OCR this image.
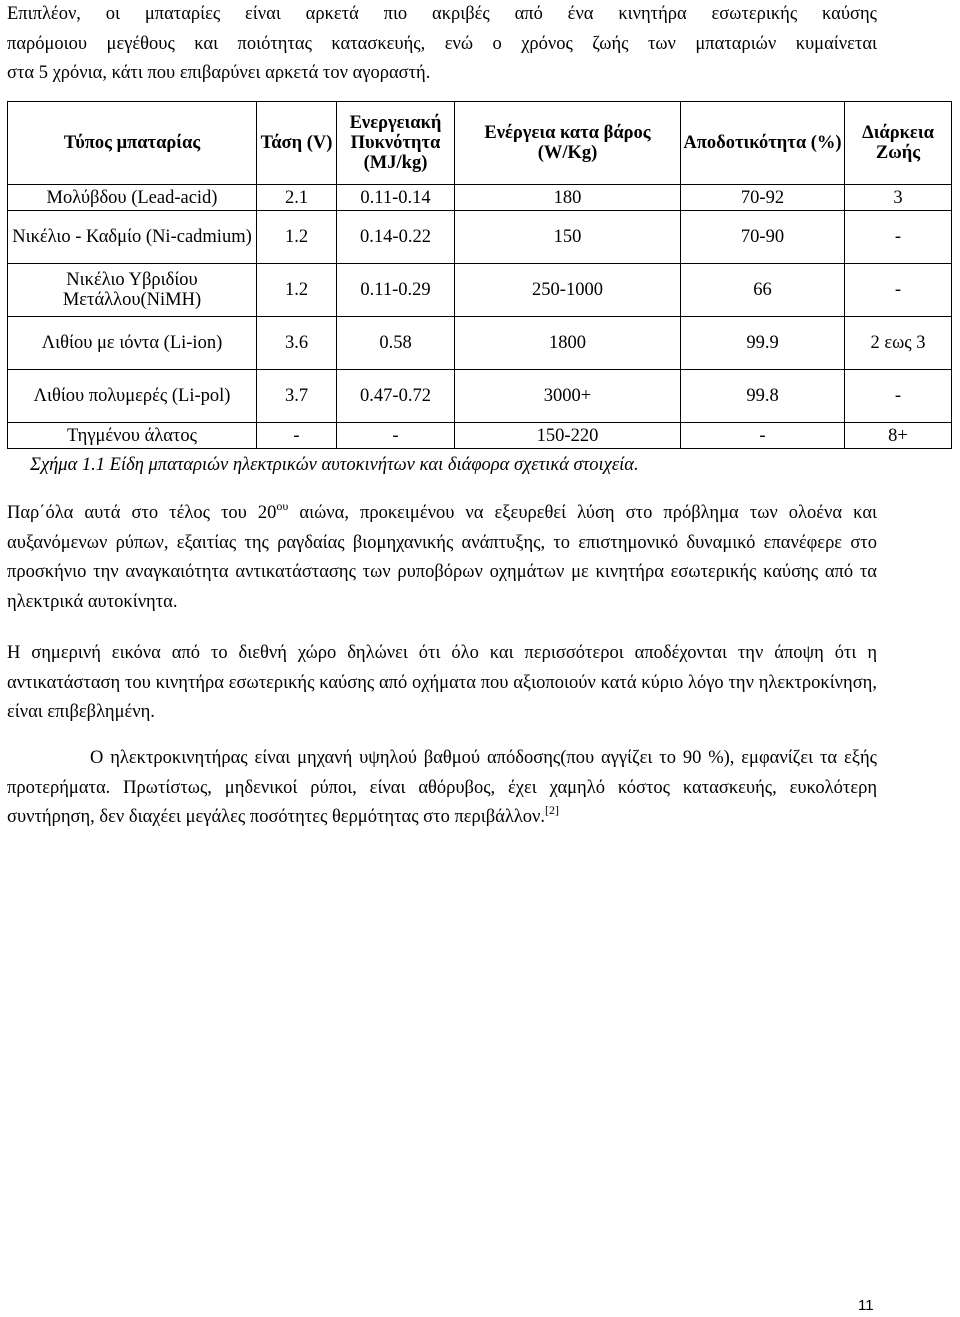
Επιπλέον, οι μπαταρίες είναι αρκετά πιο ακριβές από ένα κινητήρα εσωτερικής καύσης
παρόμοιου μεγέθους και ποιότητας κατασκευής, ενώ ο χρόνος ζωής των μπαταριών κυμαίνεται
στα 5 χρόνια, κάτι που επιβαρύνει αρκετά τον αγοραστή.
Τύπος μπαταρίας	Τάση (V)	Ενεργειακή Πυκνότητα (MJ/kg)	Ενέργεια κατα βάρος (W/Kg)	Αποδοτικότητα (%)	Διάρκεια Ζωής
Μολύβδου (Lead-acid)	2.1	0.11-0.14	180	70-92	3
Νικέλιο - Καδμίο (Ni-cadmium)	1.2	0.14-0.22	150	70-90	-
Νικέλιο Υβριδίου Μετάλλου(NiMH)	1.2	0.11-0.29	250-1000	66	-
Λιθίου με ιόντα (Li-ion)	3.6	0.58	1800	99.9	2 εως 3
Λιθίου πολυμερές (Li-pol)	3.7	0.47-0.72	3000+	99.8	-
Τηγμένου άλατος	-	-	150-220	-	8+

Σχήμα 1.1 Είδη μπαταριών ηλεκτρικών αυτοκινήτων και διάφορα σχετικά στοιχεία.

Παρ΄όλα αυτά στο τέλος του $20^{o\upsilon}$ αιώνα, προκειμένου να εξευρεθεί λύση στο πρόβλημα των ολοένα και αυξανόμενων ρύπων, εξαιτίας της ραγδαίας βιομηχανικής ανάπτυξης, το επιστημονικό δυναμικό επανέφερε στο προσκήνιο την αναγκαιότητα αντικατάστασης των ρυποβόρων οχημάτων με κινητήρα εσωτερικής καύσης από τα ηλεκτρικά αυτοκίνητα.

Η σημερινή εικόνα από το διεθνή χώρο δηλώνει ότι όλο και περισσότεροι αποδέχονται την άποψη ότι η αντικατάσταση του κινητήρα εσωτερικής καύσης από οχήματα που αξιοποιούν κατά κύριο λόγο την ηλεκτροκίνηση, είναι επιβεβλημένη.

Ο ηλεκτροκινητήρας είναι μηχανή υψηλού βαθμού απόδοσης(που αγγίζει το 90 %), εμφανίζει τα εξής προτερήματα. Πρωτίστως, μηδενικοί ρύποι, είναι αθόρυβος, έχει χαμηλό κόστος κατασκευής, ευκολότερη συντήρηση, δεν διαχέει μεγάλες ποσότητες θερμότητας στο περιβάλλον.[2]

11
